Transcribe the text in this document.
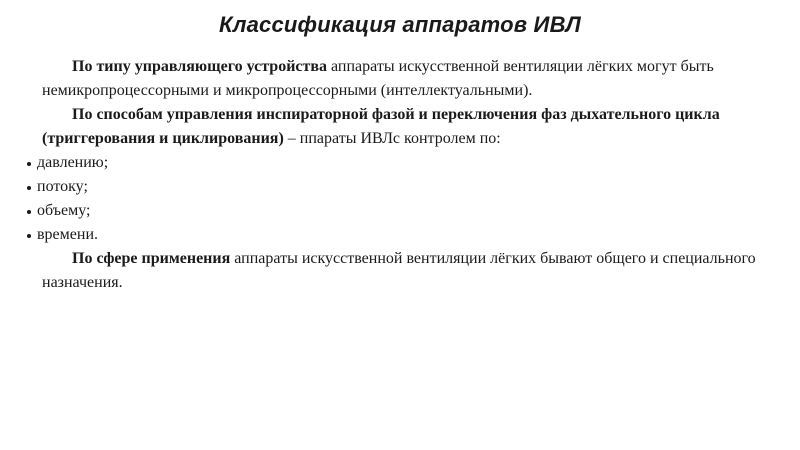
Классификация аппаратов ИВЛ

По типу управляющего устройства аппараты искусственной вентиляции лёгких могут быть немикропроцессорными и микропроцессорными (интеллектуальными).

По способам управления инспираторной фазой и переключения фаз дыхательного цикла (триггерования и циклирования) – ппараты ИВЛс контролем по:

давлению;
потоку;
объему;
времени.

По сфере применения аппараты искусственной вентиляции лёгких бывают общего и специального назначения.
